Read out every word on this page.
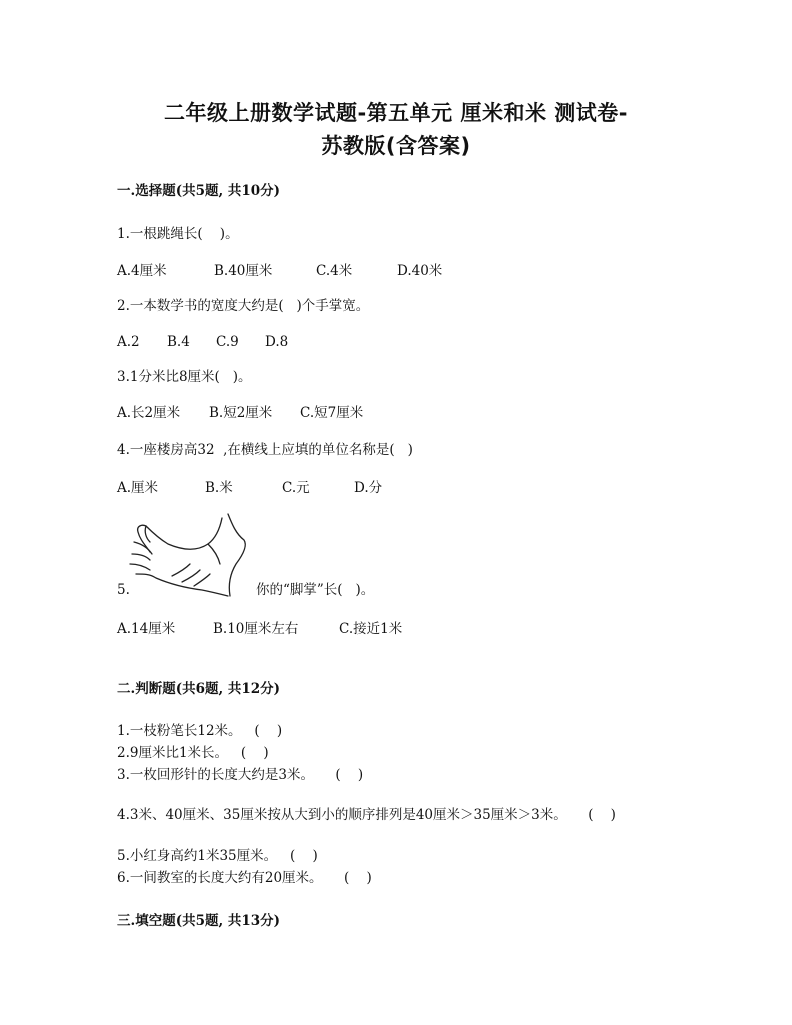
二年级上册数学试题-第五单元 厘米和米 测试卷-
苏教版(含答案)
一.选择题(共5题, 共10分)
1.一根跳绳长(    )。
A.4厘米	B.40厘米	C.4米	D.40米
2.一本数学书的宽度大约是(   )个手掌宽。
A.2 B.4 C.9 D.8
3.1分米比8厘米(   )。
A.长2厘米 B.短2厘米 C.短7厘米
4.一座楼房高32  ,在横线上应填的单位名称是(   )
A.厘米	B.米	C.元	D.分
5.	你的“脚掌”长(   )。
A.14厘米	B.10厘米左右	C.接近1米
二.判断题(共6题, 共12分)
1.一枝粉笔长12米。   (    )
2.9厘米比1米长。   (    )
3.一枚回形针的长度大约是3米。     (    )
4.3米、40厘米、35厘米按从大到小的顺序排列是40厘米＞35厘米＞3米。     (    )
5.小红身高约1米35厘米。   (    )
6.一间教室的长度大约有20厘米。     (    )
三.填空题(共5题, 共13分)
